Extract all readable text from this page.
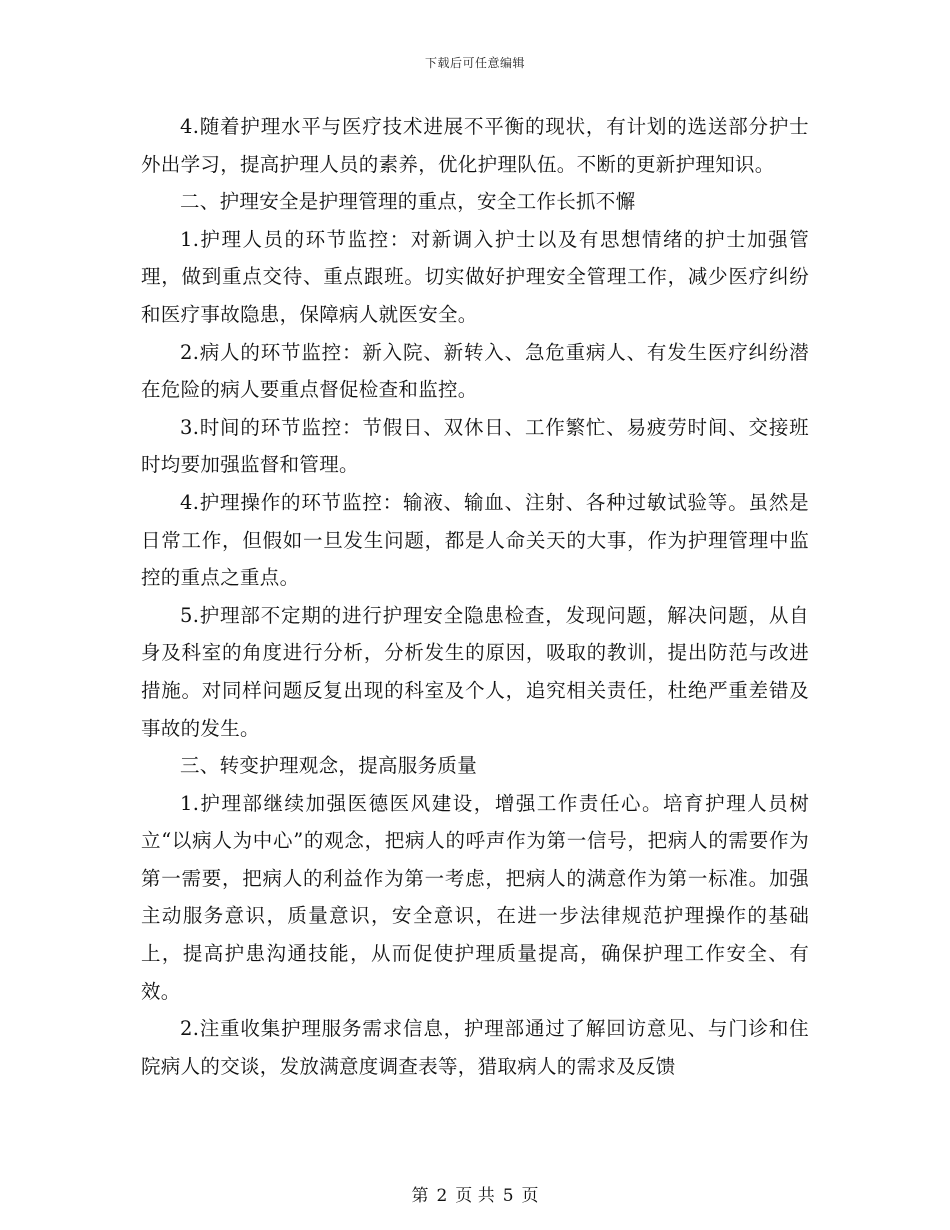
下载后可任意编辑

4.随着护理水平与医疗技术进展不平衡的现状，有计划的选送部分护士外出学习，提高护理人员的素养，优化护理队伍。不断的更新护理知识。

二、护理安全是护理管理的重点，安全工作长抓不懈

1.护理人员的环节监控：对新调入护士以及有思想情绪的护士加强管理，做到重点交待、重点跟班。切实做好护理安全管理工作，减少医疗纠纷和医疗事故隐患，保障病人就医安全。

2.病人的环节监控：新入院、新转入、急危重病人、有发生医疗纠纷潜在危险的病人要重点督促检查和监控。

3.时间的环节监控：节假日、双休日、工作繁忙、易疲劳时间、交接班时均要加强监督和管理。

4.护理操作的环节监控：输液、输血、注射、各种过敏试验等。虽然是日常工作，但假如一旦发生问题，都是人命关天的大事，作为护理管理中监控的重点之重点。

5.护理部不定期的进行护理安全隐患检查，发现问题，解决问题，从自身及科室的角度进行分析，分析发生的原因，吸取的教训，提出防范与改进措施。对同样问题反复出现的科室及个人，追究相关责任，杜绝严重差错及事故的发生。

三、转变护理观念，提高服务质量

1.护理部继续加强医德医风建设，增强工作责任心。培育护理人员树立“以病人为中心”的观念，把病人的呼声作为第一信号，把病人的需要作为第一需要，把病人的利益作为第一考虑，把病人的满意作为第一标准。加强主动服务意识，质量意识，安全意识，在进一步法律规范护理操作的基础上，提高护患沟通技能，从而促使护理质量提高，确保护理工作安全、有效。

2.注重收集护理服务需求信息，护理部通过了解回访意见、与门诊和住院病人的交谈，发放满意度调查表等，猎取病人的需求及反馈

第 2 页 共 5 页
